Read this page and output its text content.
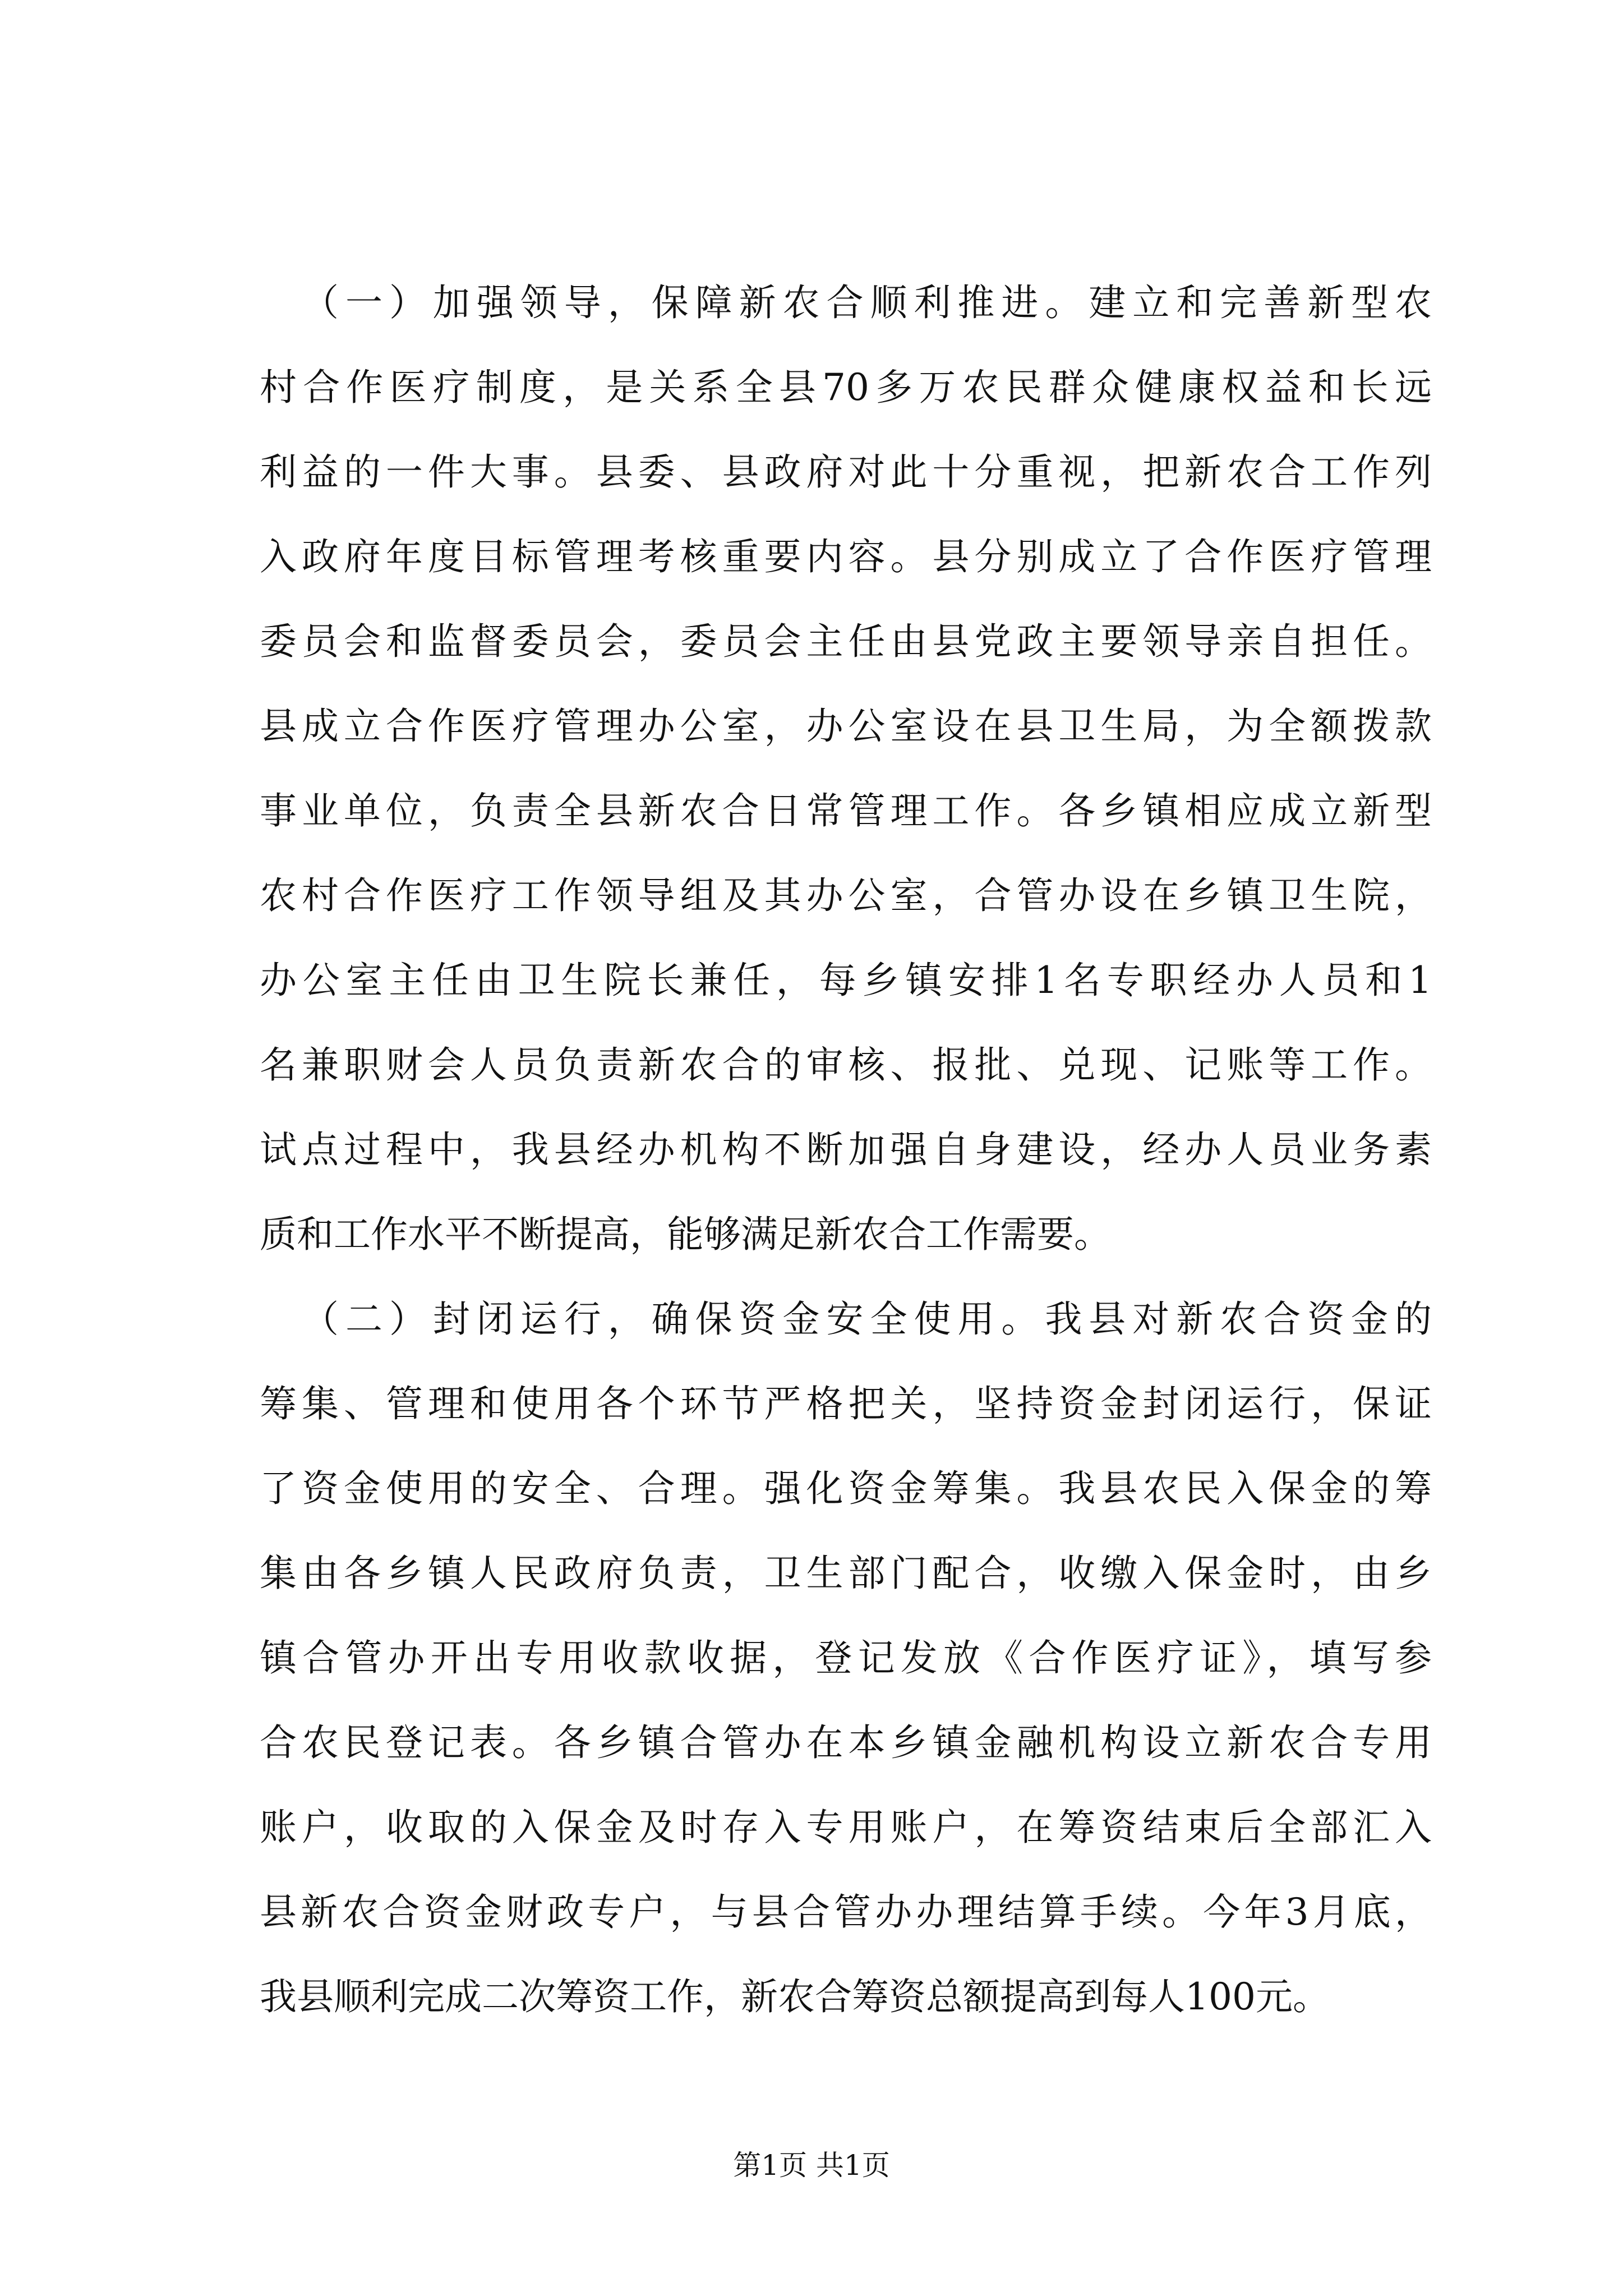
（一）加强领导，保障新农合顺利推进。建立和完善新型农
村合作医疗制度，是关系全县70多万农民群众健康权益和长远
利益的一件大事。县委、县政府对此十分重视，把新农合工作列
入政府年度目标管理考核重要内容。县分别成立了合作医疗管理
委员会和监督委员会，委员会主任由县党政主要领导亲自担任。
县成立合作医疗管理办公室，办公室设在县卫生局，为全额拨款
事业单位，负责全县新农合日常管理工作。各乡镇相应成立新型
农村合作医疗工作领导组及其办公室，合管办设在乡镇卫生院，
办公室主任由卫生院长兼任，每乡镇安排1名专职经办人员和1
名兼职财会人员负责新农合的审核、报批、兑现、记账等工作。
试点过程中，我县经办机构不断加强自身建设，经办人员业务素
质和工作水平不断提高，能够满足新农合工作需要。
（二）封闭运行，确保资金安全使用。我县对新农合资金的
筹集、管理和使用各个环节严格把关，坚持资金封闭运行，保证
了资金使用的安全、合理。强化资金筹集。我县农民入保金的筹
集由各乡镇人民政府负责，卫生部门配合，收缴入保金时，由乡
镇合管办开出专用收款收据，登记发放《合作医疗证》，填写参
合农民登记表。各乡镇合管办在本乡镇金融机构设立新农合专用
账户，收取的入保金及时存入专用账户，在筹资结束后全部汇入
县新农合资金财政专户，与县合管办办理结算手续。今年3月底，
我县顺利完成二次筹资工作，新农合筹资总额提高到每人100元。
第1页 共1页
